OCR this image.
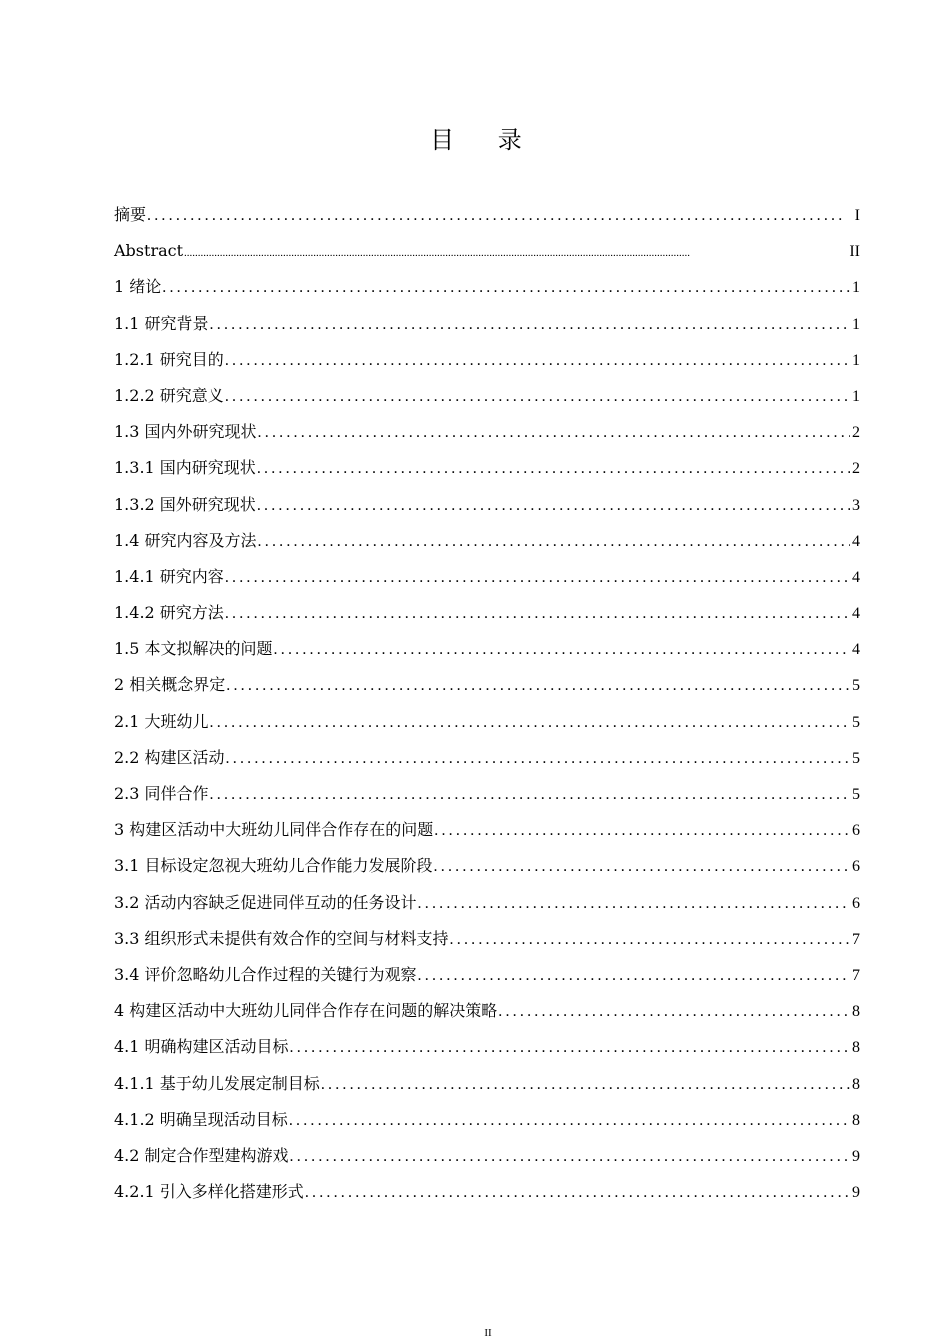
目 录
摘要 .....	I
Abstract .....	II
1 绪论 .....	1
1.1 研究背景 .....	1
1.2.1 研究目的 .....	1
1.2.2 研究意义 .....	1
1.3 国内外研究现状 .....	2
1.3.1 国内研究现状 .....	2
1.3.2 国外研究现状 .....	3
1.4 研究内容及方法 .....	4
1.4.1 研究内容 .....	4
1.4.2 研究方法 .....	4
1.5 本文拟解决的问题 .....	4
2 相关概念界定 .....	5
2.1 大班幼儿 .....	5
2.2 构建区活动 .....	5
2.3 同伴合作 .....	5
3 构建区活动中大班幼儿同伴合作存在的问题 .....	6
3.1 目标设定忽视大班幼儿合作能力发展阶段 .....	6
3.2 活动内容缺乏促进同伴互动的任务设计 .....	6
3.3 组织形式未提供有效合作的空间与材料支持 .....	7
3.4 评价忽略幼儿合作过程的关键行为观察 .....	7
4 构建区活动中大班幼儿同伴合作存在问题的解决策略 .....	8
4.1 明确构建区活动目标 .....	8
4.1.1 基于幼儿发展定制目标 .....	8
4.1.2 明确呈现活动目标 .....	8
4.2 制定合作型建构游戏 .....	9
4.2.1 引入多样化搭建形式 .....	9
II
